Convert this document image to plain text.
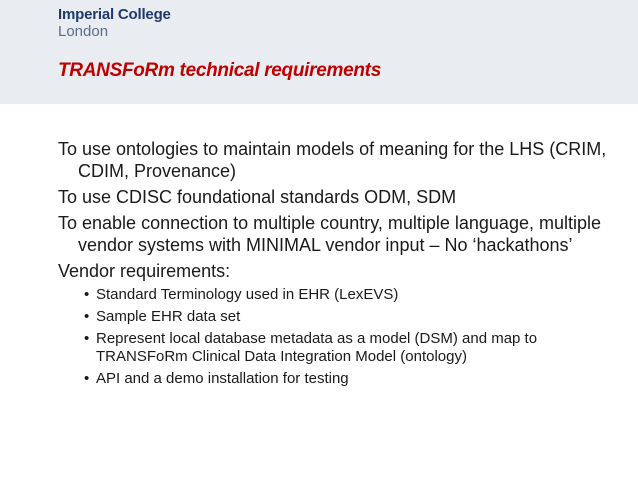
Imperial College
London
TRANSFoRm technical requirements

To use ontologies to maintain models of meaning for the LHS (CRIM, CDIM, Provenance)

To use CDISC foundational standards ODM, SDM

To enable connection to multiple country, multiple language, multiple vendor systems with MINIMAL vendor input – No ‘hackathons’

Vendor requirements:

• Standard Terminology used in EHR (LexEVS)

• Sample EHR data set

• Represent local database metadata as a model (DSM) and map to TRANSFoRm Clinical Data Integration Model (ontology)

• API and a demo installation for testing
